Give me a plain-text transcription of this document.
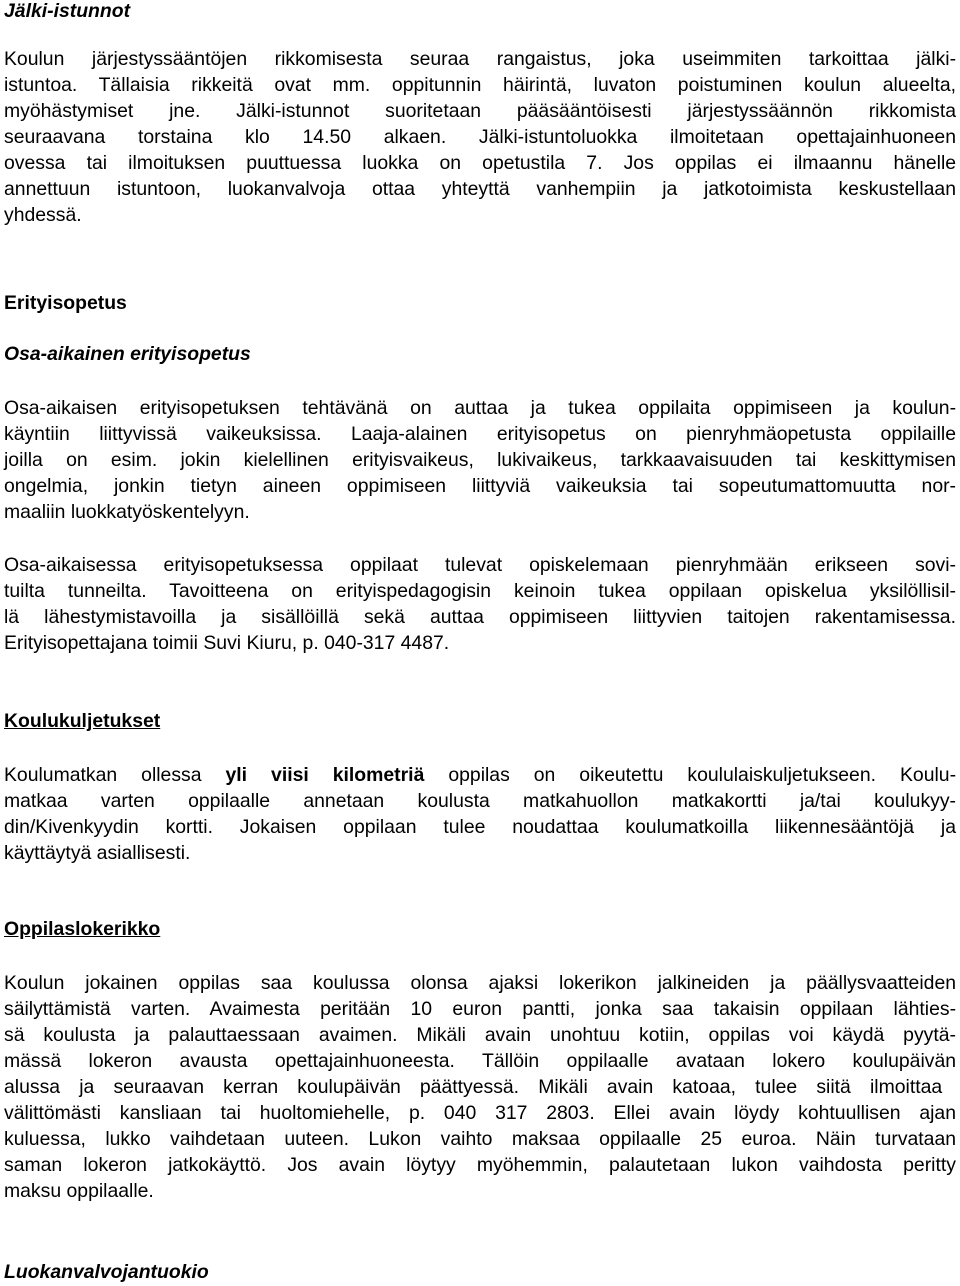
Jälki-istunnot

Koulun järjestyssääntöjen rikkomisesta seuraa rangaistus, joka useimmiten tarkoittaa jälki-

istuntoa. Tällaisia rikkeitä ovat mm. oppitunnin häirintä, luvaton poistuminen koulun alueelta,

myöhästymiset jne. Jälki-istunnot suoritetaan pääsääntöisesti järjestyssäännön rikkomista

seuraavana torstaina klo 14.50 alkaen. Jälki-istuntoluokka ilmoitetaan opettajainhuoneen

ovessa tai ilmoituksen puuttuessa luokka on opetustila 7. Jos oppilas ei ilmaannu hänelle

annettuun istuntoon, luokanvalvoja ottaa yhteyttä vanhempiin ja jatkotoimista keskustellaan

yhdessä.

Erityisopetus
Osa-aikainen erityisopetus

Osa-aikaisen erityisopetuksen tehtävänä on auttaa ja tukea oppilaita oppimiseen ja koulun-

käyntiin liittyvissä vaikeuksissa. Laaja-alainen erityisopetus on pienryhmäopetusta oppilaille

joilla on esim. jokin kielellinen erityisvaikeus, lukivaikeus, tarkkaavaisuuden tai keskittymisen

ongelmia, jonkin tietyn aineen oppimiseen liittyviä vaikeuksia tai sopeutumattomuutta nor-

maaliin luokkatyöskentelyyn.

Osa-aikaisessa erityisopetuksessa oppilaat tulevat opiskelemaan pienryhmään erikseen sovi-

tuilta tunneilta. Tavoitteena on erityispedagogisin keinoin tukea oppilaan opiskelua yksilöllisil-

lä lähestymistavoilla ja sisällöillä sekä auttaa oppimiseen liittyvien taitojen rakentamisessa.

Erityisopettajana toimii Suvi Kiuru, p. 040-317 4487.

Koulukuljetukset

Koulumatkan ollessa yli viisi kilometriä oppilas on oikeutettu koululaiskuljetukseen. Koulu-

matkaa varten oppilaalle annetaan koulusta matkahuollon matkakortti ja/tai koulukyy-

din/Kivenkyydin kortti. Jokaisen oppilaan tulee noudattaa koulumatkoilla liikennesääntöjä ja

käyttäytyä asiallisesti.

Oppilaslokerikko

Koulun jokainen oppilas saa koulussa olonsa ajaksi lokerikon jalkineiden ja päällysvaatteiden

säilyttämistä varten. Avaimesta peritään 10 euron pantti, jonka saa takaisin oppilaan lähties-

sä koulusta ja palauttaessaan avaimen. Mikäli avain unohtuu kotiin, oppilas voi käydä pyytä-

mässä lokeron avausta opettajainhuoneesta. Tällöin oppilaalle avataan lokero koulupäivän

alussa ja seuraavan kerran koulupäivän päättyessä. Mikäli avain katoaa, tulee siitä ilmoittaa

välittömästi kansliaan tai huoltomiehelle, p. 040 317 2803. Ellei avain löydy kohtuullisen ajan

kuluessa, lukko vaihdetaan uuteen. Lukon vaihto maksaa oppilaalle 25 euroa. Näin turvataan

saman lokeron jatkokäyttö. Jos avain löytyy myöhemmin, palautetaan lukon vaihdosta peritty

maksu oppilaalle.

Luokanvalvojantuokio
